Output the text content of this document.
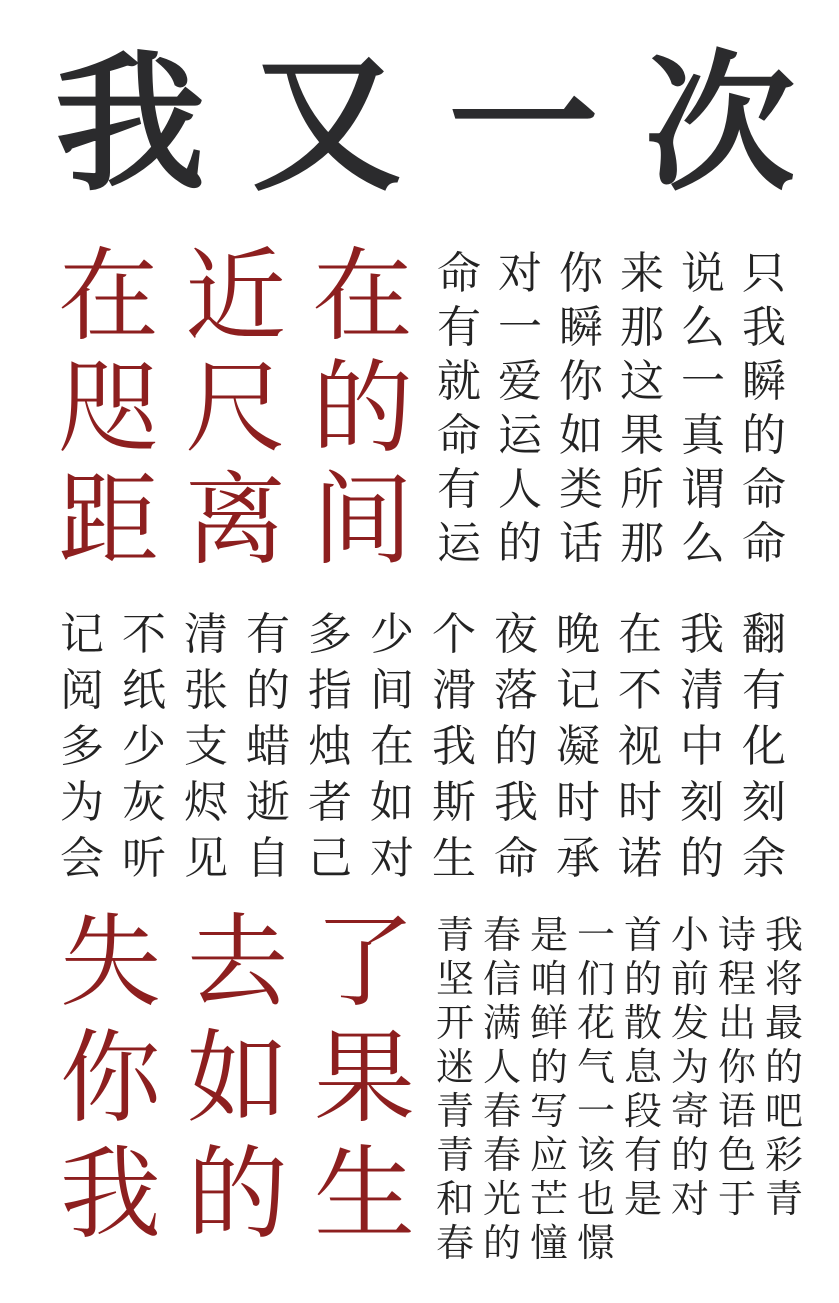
我 又 一 次
在 近 在
咫 尺 的
距 离 间
命 对 你 来 说 只
有 一 瞬 那 么 我
就 爱 你 这 一 瞬
命 运 如 果 真 的
有 人 类 所 谓 命
运 的 话 那 么 命
记 不 清 有 多 少 个 夜 晚 在 我 翻
阅 纸 张 的 指 间 滑 落 记 不 清 有
多 少 支 蜡 烛 在 我 的 凝 视 中 化
为 灰 烬 逝 者 如 斯 我 时 时 刻 刻
会 听 见 自 己 对 生 命 承 诺 的 余
失 去 了
你 如 果
我 的 生
青 春 是 一 首 小 诗 我
坚 信 咱 们 的 前 程 将
开 满 鲜 花 散 发 出 最
迷 人 的 气 息 为 你 的
青 春 写 一 段 寄 语 吧
青 春 应 该 有 的 色 彩
和 光 芒 也 是 对 于 青
春 的 憧 憬
